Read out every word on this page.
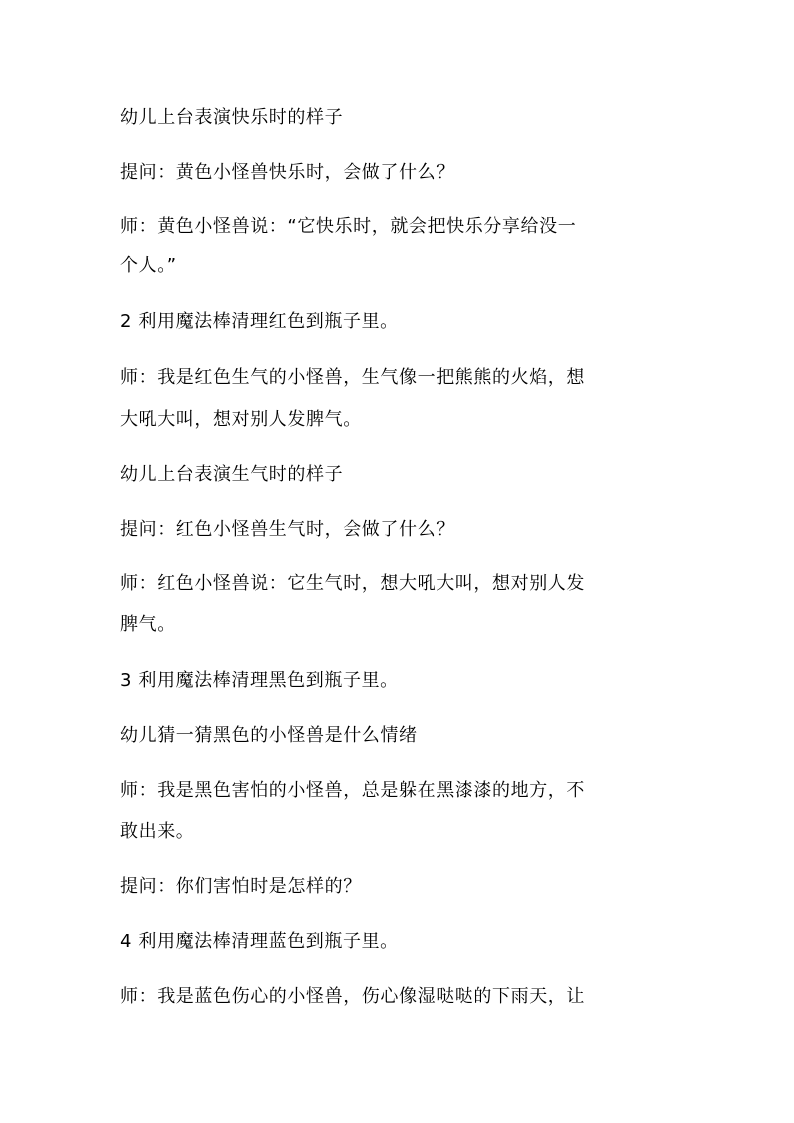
幼儿上台表演快乐时的样子
提问：黄色小怪兽快乐时，会做了什么？
师：黄色小怪兽说：“它快乐时，就会把快乐分享给没一
个人。”
2 利用魔法棒清理红色到瓶子里。
师：我是红色生气的小怪兽，生气像一把熊熊的火焰，想
大吼大叫，想对别人发脾气。
幼儿上台表演生气时的样子
提问：红色小怪兽生气时，会做了什么？
师：红色小怪兽说：它生气时，想大吼大叫，想对别人发
脾气。
3 利用魔法棒清理黑色到瓶子里。
幼儿猜一猜黑色的小怪兽是什么情绪
师：我是黑色害怕的小怪兽，总是躲在黑漆漆的地方，不
敢出来。
提问：你们害怕时是怎样的？
4 利用魔法棒清理蓝色到瓶子里。
师：我是蓝色伤心的小怪兽，伤心像湿哒哒的下雨天，让
